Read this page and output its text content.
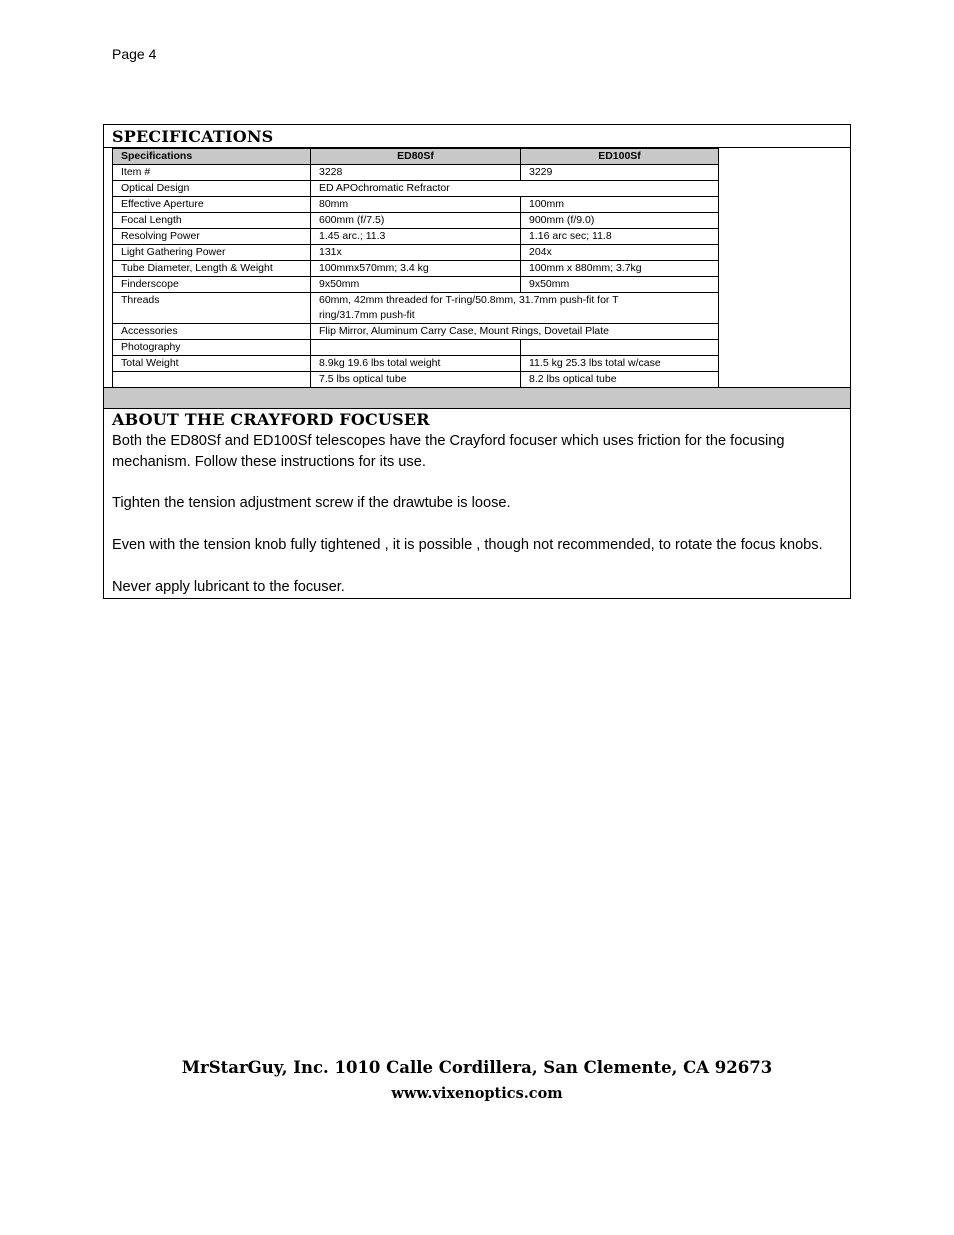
Page 4
SPECIFICATIONS
Specifications	ED80Sf	ED100Sf
Item #	3228	3229
Optical Design	ED APOchromatic Refractor	
Effective Aperture	80mm	100mm
Focal Length	600mm (f/7.5)	900mm (f/9.0)
Resolving Power	1.45 arc.; 11.3	1.16 arc sec; 11.8
Light Gathering Power	131x	204x
Tube Diameter, Length & Weight	100mmx570mm; 3.4 kg	100mm x 880mm; 3.7kg
Finderscope	9x50mm	9x50mm
Threads	60mm, 42mm threaded for T-ring/50.8mm, 31.7mm push-fit for T ring/31.7mm push-fit	
Accessories	Flip Mirror, Aluminum Carry Case, Mount Rings, Dovetail Plate	
Photography		
Total Weight	8.9kg 19.6 lbs total weight	11.5 kg 25.3 lbs total w/case
	7.5 lbs optical tube	8.2 lbs optical tube
ABOUT THE CRAYFORD FOCUSER

Both the ED80Sf and ED100Sf telescopes have the Crayford focuser which uses friction for the focusing mechanism. Follow these instructions for its use.

Tighten the tension adjustment screw if the drawtube is loose.

Even with the tension knob fully tightened , it is possible , though not recommended, to rotate the focus knobs.

Never apply lubricant to the focuser.

MrStarGuy, Inc. 1010 Calle Cordillera, San Clemente, CA 92673
www.vixenoptics.com
